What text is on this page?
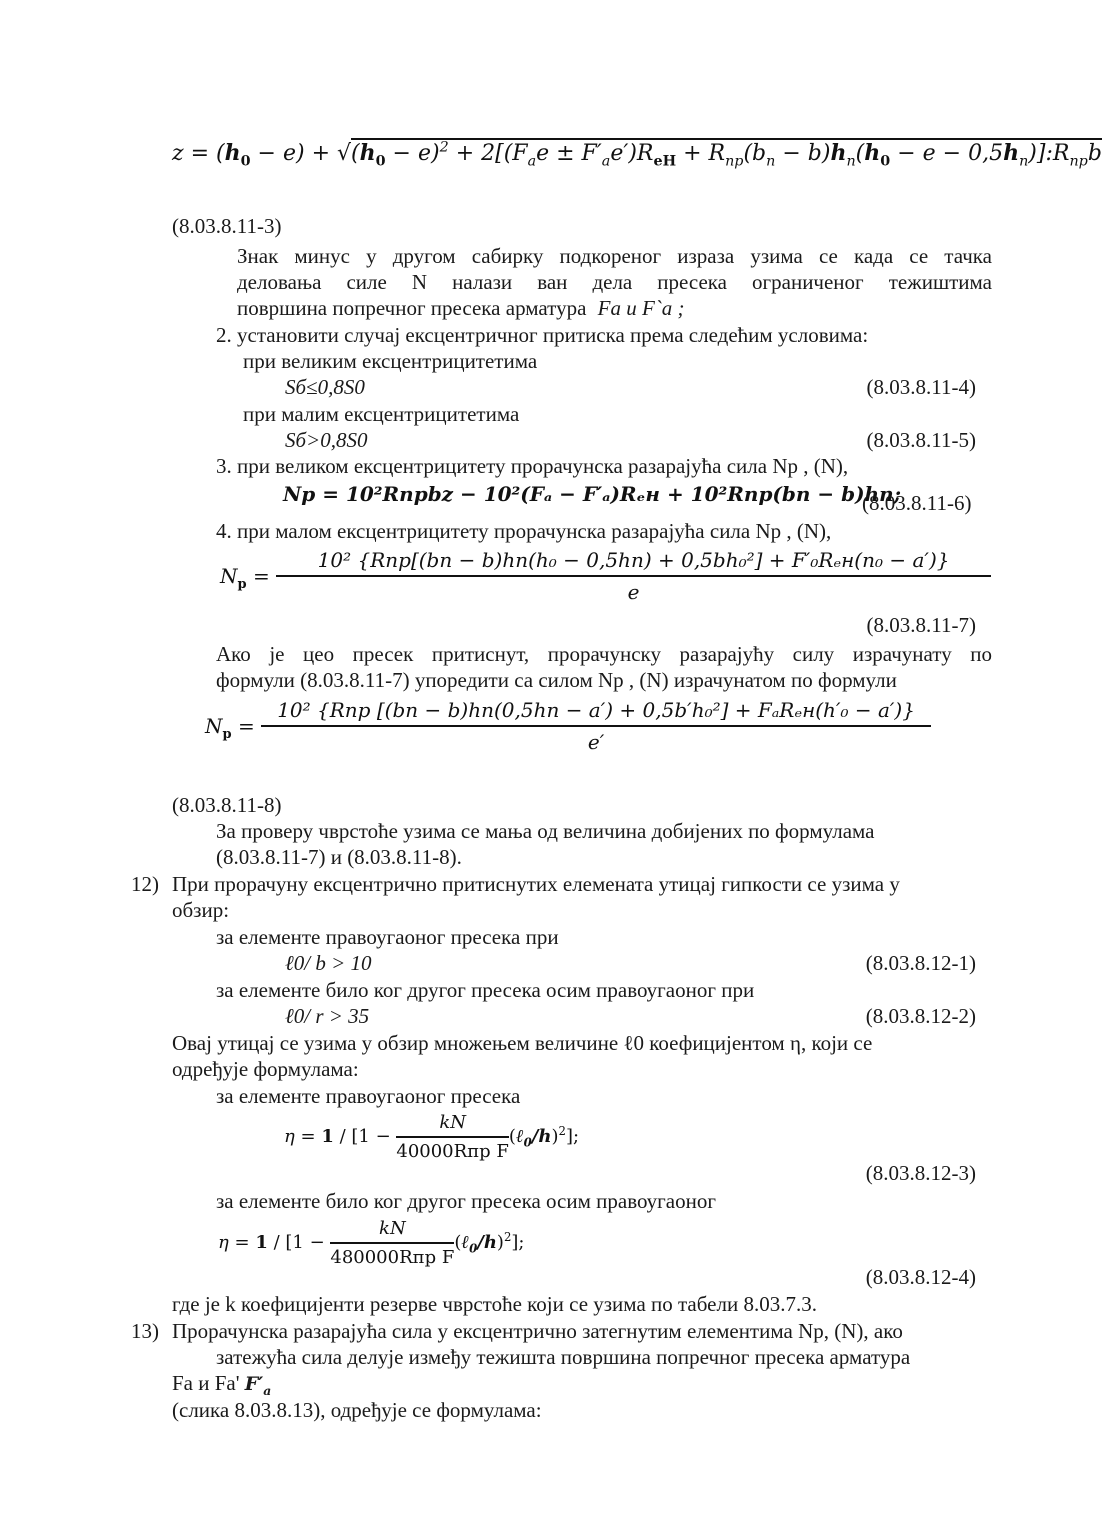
$z = (h_0 - e) + √(h_0 - e)^2 + 2[(F_ae \pm F'_ae')R_{eH} + R_{пр}(b_п - b)h_п(h_0 - e$ − $0,5h_п)]:R_{пр}b$
(8.03.8.11-3)
Знак минус у другом сабирку подкореног израза узима се када се тачка
деловања силе N налази ван дела пресека ограниченог тежиштима
површина попречног пресека арматура Fa u F`a ;
2. установити случај ексцентричног притиска према следећим условима:
при великим ексцентрицитетима
Sб≤0,8S0	(8.03.8.11-4)
при малим ексцентрицитетима
Sб>0,8S0	(8.03.8.11-5)
3. при великом ексцентрицитету прорачунска разарајућа сила Nр , (N),
Nр = 10²Rпрbz − 10²(Fₐ − F′ₐ)Rₑн + 10²Rпр(bп − b)hп;
(8.03.8.11-6)
4. при малом ексцентрицитету прорачунска разарајућа сила Nр , (N),
$N_p$ =
10² {Rпр[(bп − b)hп(h₀ − 0,5hп) + 0,5bh₀²] + F′₀Rₑн(n₀ − a′)}
e
(8.03.8.11-7)
Ако је цео пресек притиснут, прорачунску разарајућу силу израчунату по
формули (8.03.8.11-7) упоредити са силом Nр , (N) израчунатом по формули
$N_p$ =
10² {Rпр [(bп − b)hп(0,5hп − a′) + 0,5b′h₀²] + FₐRₑн(h′₀ − a′)}
e′
(8.03.8.11-8)
За проверу чврстоће узима се мања од величина добијених по формулама
(8.03.8.11-7) и (8.03.8.11-8).
12) При прорачуну ексцентрично притиснутих елемената утицај гипкости се узима у
обзир:
за елементе правоугаоног пресека при
ℓ0/ b > 10	(8.03.8.12-1)
за елементе било ког другог пресека осим правоугаоног при
ℓ0/ r > 35	(8.03.8.12-2)
Овај утицај се узима у обзир множењем величине ℓ0 коефицијентом η, који се
одређује формулама:
за елементе правоугаоног пресека
$\eta = 1 / [1 - \frac{kN}{\text{40000Rпр F}}$ (ℓ$_0$/h)$^2$];
(8.03.8.12-3)
за елементе било ког другог пресека осим правоугаоног
$\eta = 1 / [1 - \frac{kN}{\text{480000Rпр F}}$ (ℓ$_0$/h)$^2$];
(8.03.8.12-4)
где је k коефицијенти резерве чврстоће који се узима по табели 8.03.7.3.
13) Прорачунска разарајућа сила у ексцентрично затегнутим елементима Np, (N), ако
затежућа сила делује између тежишта површина попречног пресека арматура
Fa и Fa' $F'_a$
(слика 8.03.8.13), одређује се формулама:
